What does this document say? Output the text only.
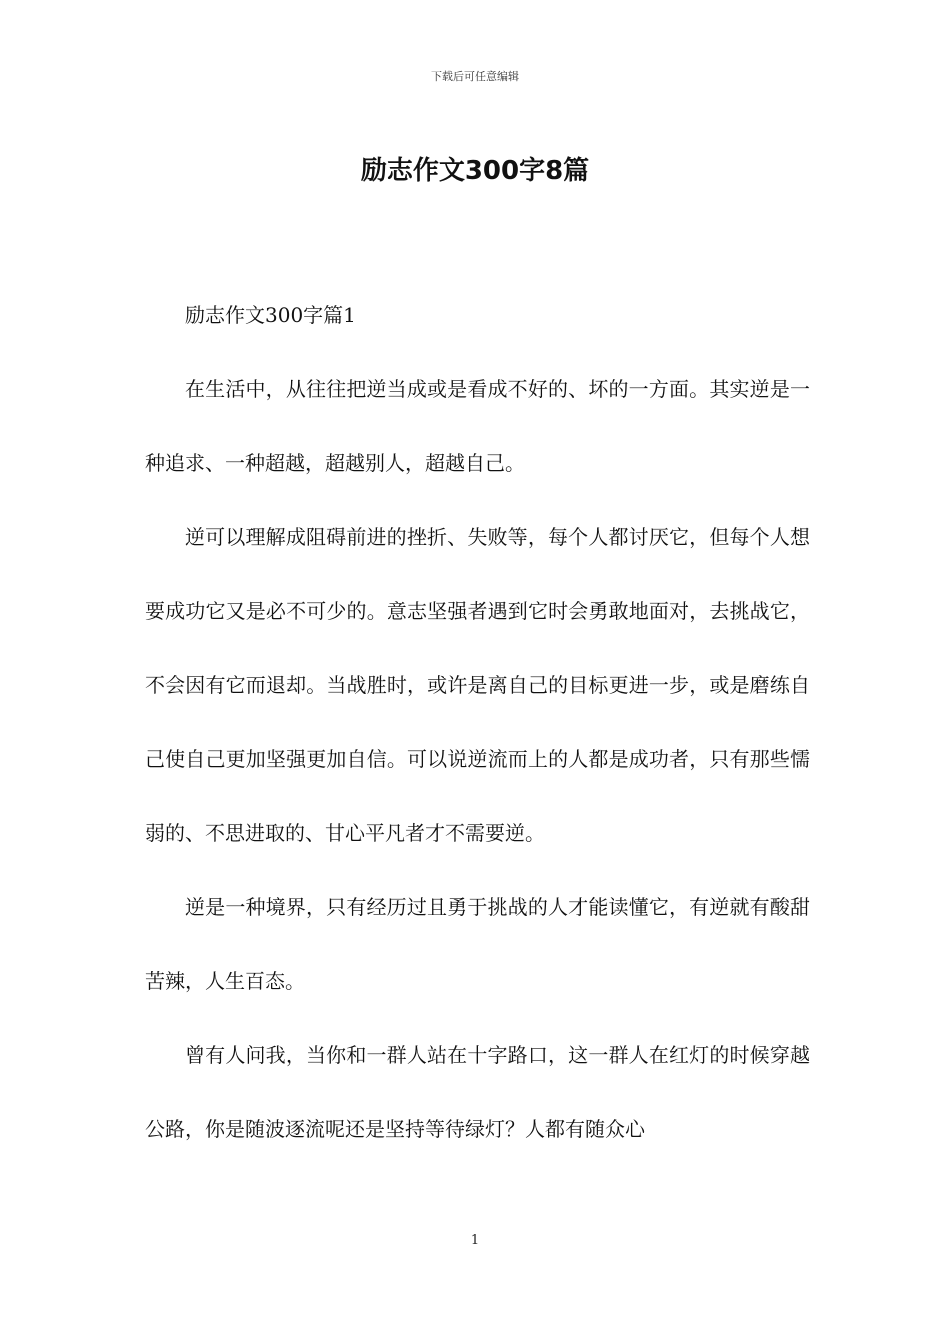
下载后可任意编辑
励志作文300字8篇

励志作文300字篇1

在生活中，从往往把逆当成或是看成不好的、坏的一方面。其实逆是一种追求、一种超越，超越别人，超越自己。

逆可以理解成阻碍前进的挫折、失败等，每个人都讨厌它，但每个人想要成功它又是必不可少的。意志坚强者遇到它时会勇敢地面对，去挑战它，不会因有它而退却。当战胜时，或许是离自己的目标更进一步，或是磨练自己使自己更加坚强更加自信。可以说逆流而上的人都是成功者，只有那些懦弱的、不思进取的、甘心平凡者才不需要逆。

逆是一种境界，只有经历过且勇于挑战的人才能读懂它，有逆就有酸甜苦辣，人生百态。

曾有人问我，当你和一群人站在十字路口，这一群人在红灯的时候穿越公路，你是随波逐流呢还是坚持等待绿灯？人都有随众心

1
